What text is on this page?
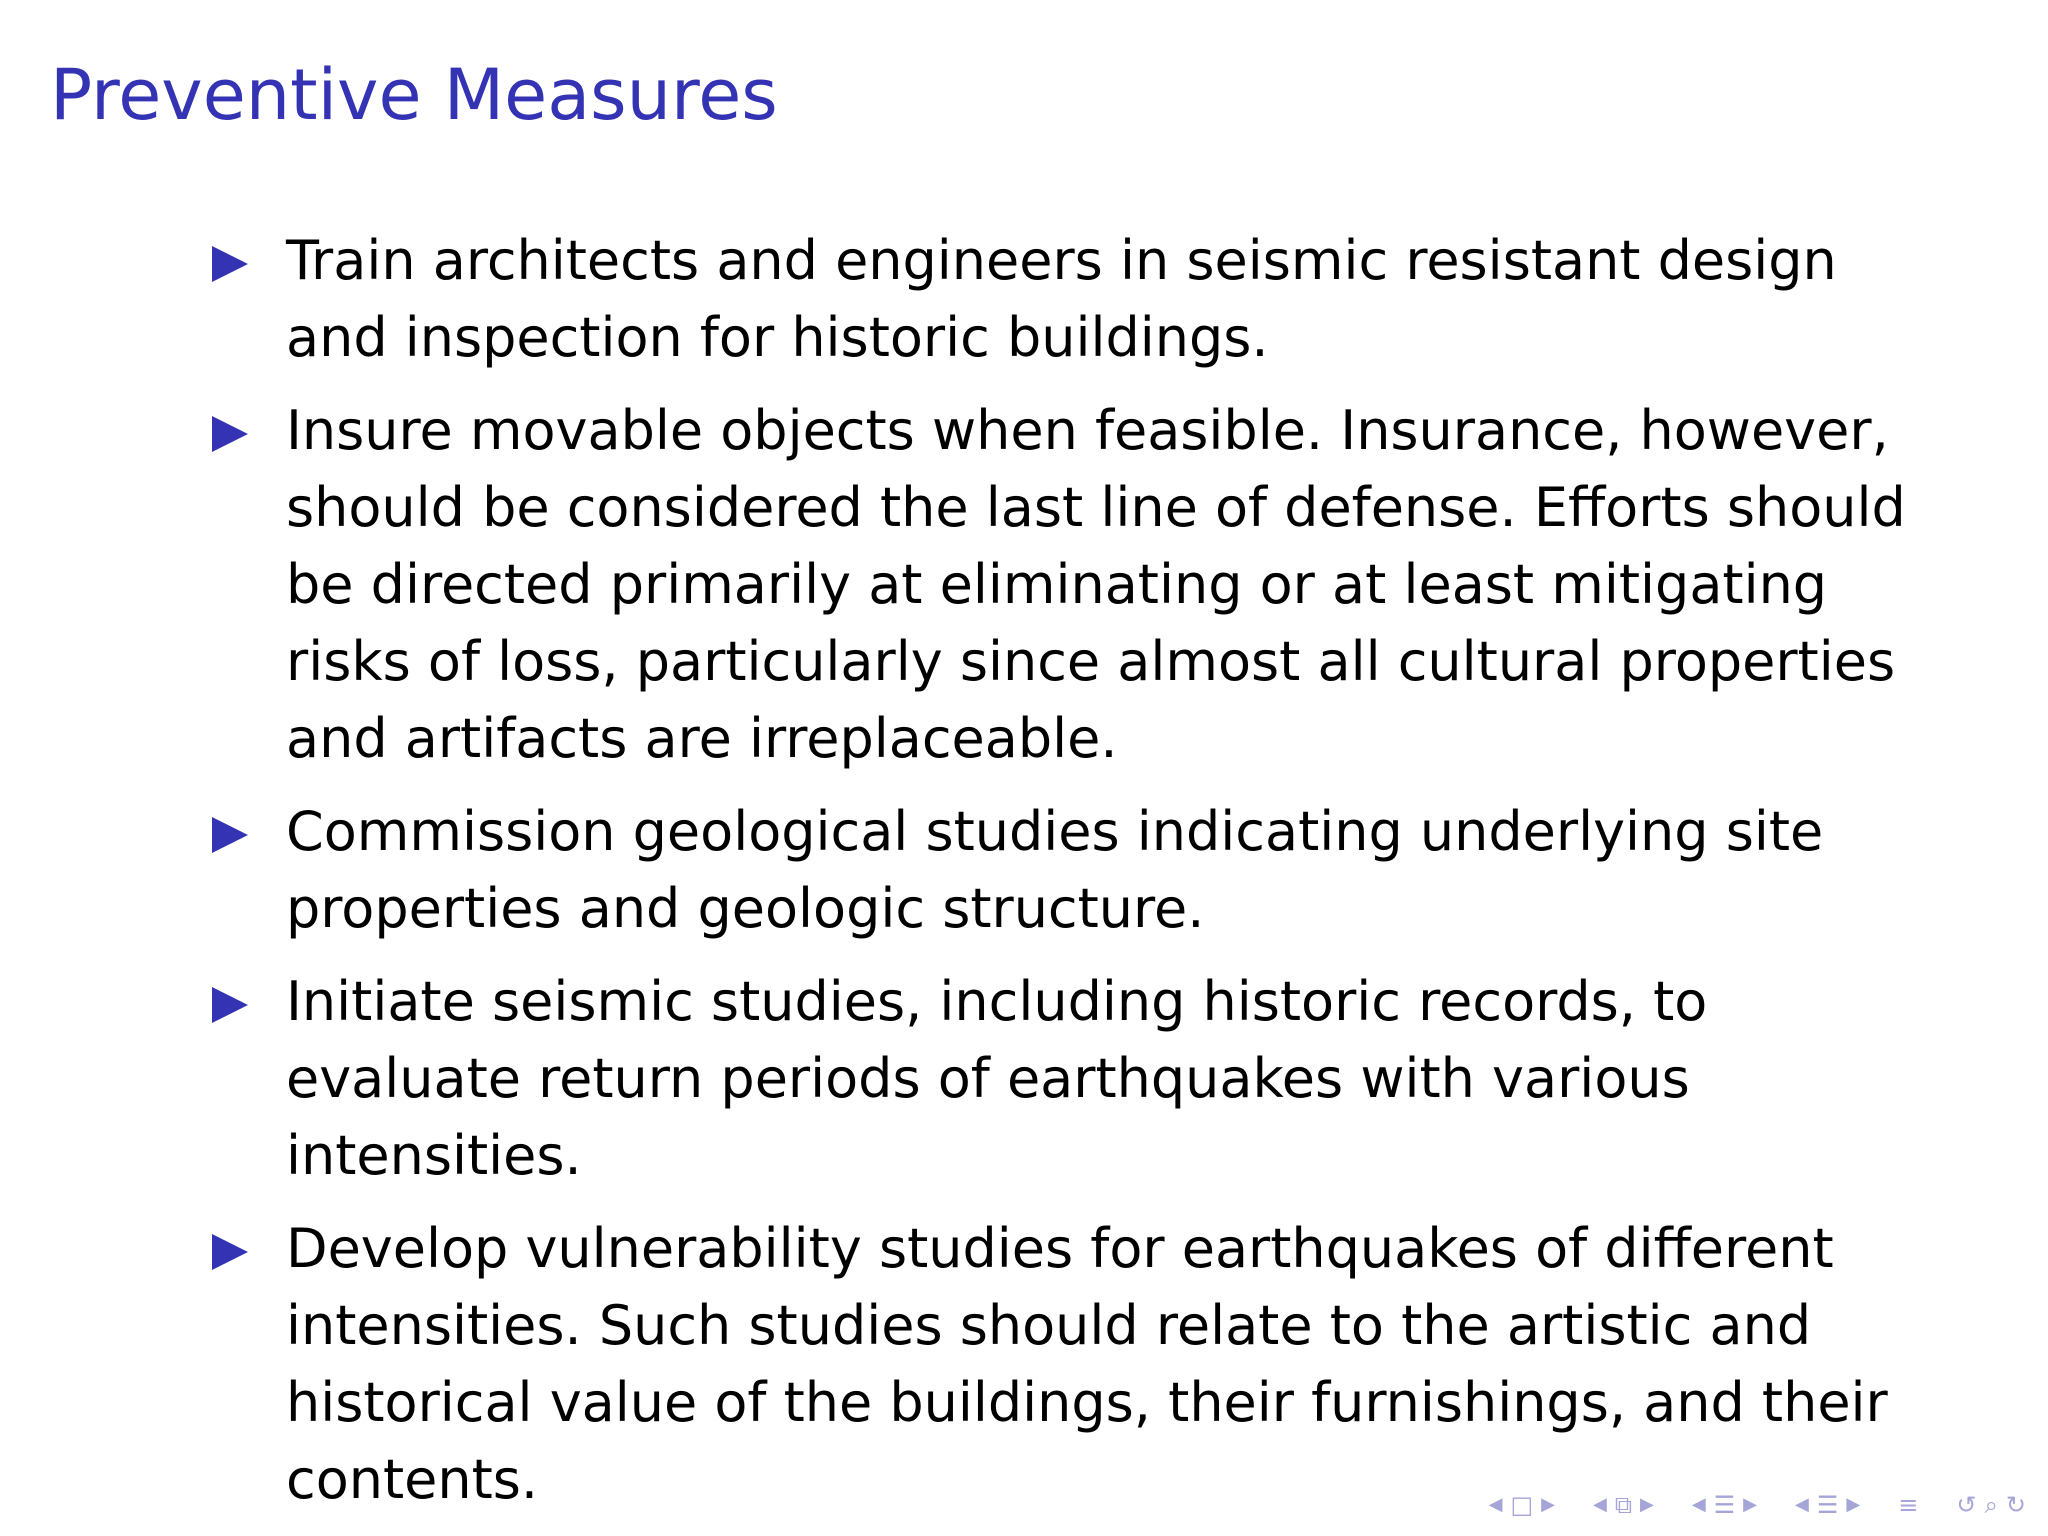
Preventive Measures
Train architects and engineers in seismic resistant design and inspection for historic buildings.
Insure movable objects when feasible. Insurance, however, should be considered the last line of defense. Efforts should be directed primarily at eliminating or at least mitigating risks of loss, particularly since almost all cultural properties and artifacts are irreplaceable.
Commission geological studies indicating underlying site properties and geologic structure.
Initiate seismic studies, including historic records, to evaluate return periods of earthquakes with various intensities.
Develop vulnerability studies for earthquakes of different intensities. Such studies should relate to the artistic and historical value of the buildings, their furnishings, and their contents.	◀ □ ▶ ◀ ⧉ ▶ ◀ ☰ ▶ ◀ ☰ ▶ ≡ ↺ ⌕ ↻
